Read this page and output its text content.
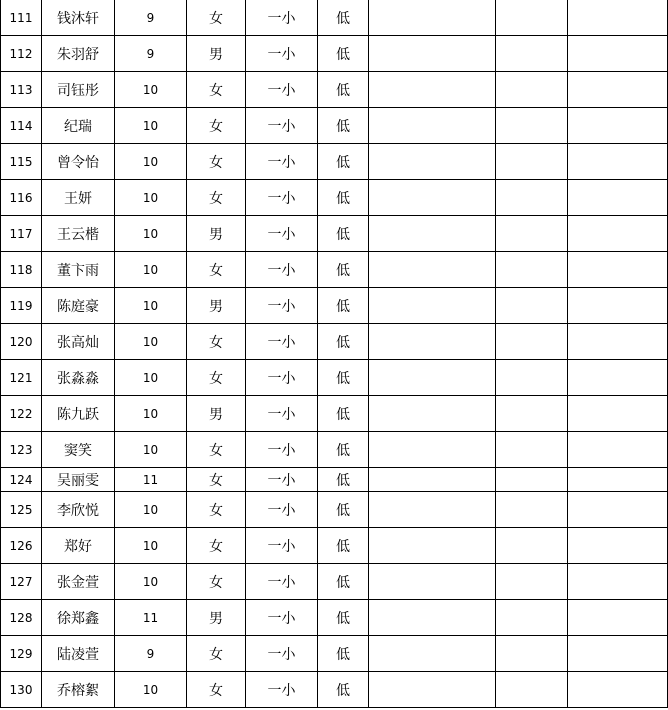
111	钱沐轩	9	女	一小	低			
112	朱羽舒	9	男	一小	低			
113	司钰彤	10	女	一小	低			
114	纪瑞	10	女	一小	低			
115	曾令怡	10	女	一小	低			
116	王妍	10	女	一小	低			
117	王云楷	10	男	一小	低			
118	董卞雨	10	女	一小	低			
119	陈庭豪	10	男	一小	低			
120	张高灿	10	女	一小	低			
121	张淼淼	10	女	一小	低			
122	陈九跃	10	男	一小	低			
123	窦笑	10	女	一小	低			
124	吴丽雯	11	女	一小	低			
125	李欣悦	10	女	一小	低			
126	郑好	10	女	一小	低			
127	张金萱	10	女	一小	低			
128	徐郑鑫	11	男	一小	低			
129	陆凌萱	9	女	一小	低			
130	乔榕絮	10	女	一小	低			
